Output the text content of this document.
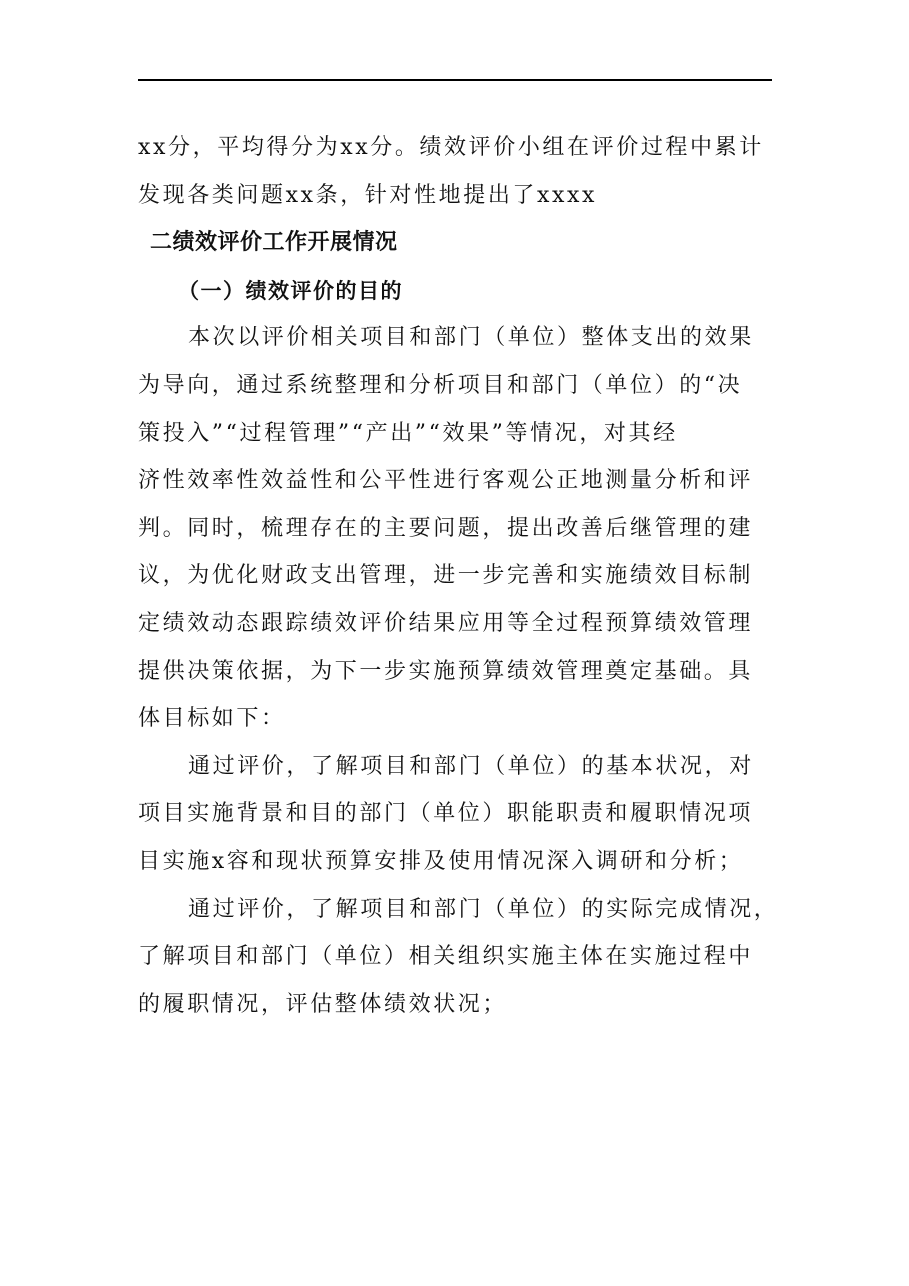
xx分，平均得分为xx分。绩效评价小组在评价过程中累计
发现各类问题xx条，针对性地提出了xxxx
二绩效评价工作开展情况
（一）绩效评价的目的
本次以评价相关项目和部门（单位）整体支出的效果
为导向，通过系统整理和分析项目和部门（单位）的“决
策投入”“过程管理”“产出”“效果”等情况，对其经
济性效率性效益性和公平性进行客观公正地测量分析和评
判。同时，梳理存在的主要问题，提出改善后继管理的建
议，为优化财政支出管理，进一步完善和实施绩效目标制
定绩效动态跟踪绩效评价结果应用等全过程预算绩效管理
提供决策依据，为下一步实施预算绩效管理奠定基础。具
体目标如下：
通过评价，了解项目和部门（单位）的基本状况，对
项目实施背景和目的部门（单位）职能职责和履职情况项
目实施x容和现状预算安排及使用情况深入调研和分析；
通过评价，了解项目和部门（单位）的实际完成情况，
了解项目和部门（单位）相关组织实施主体在实施过程中
的履职情况，评估整体绩效状况；
